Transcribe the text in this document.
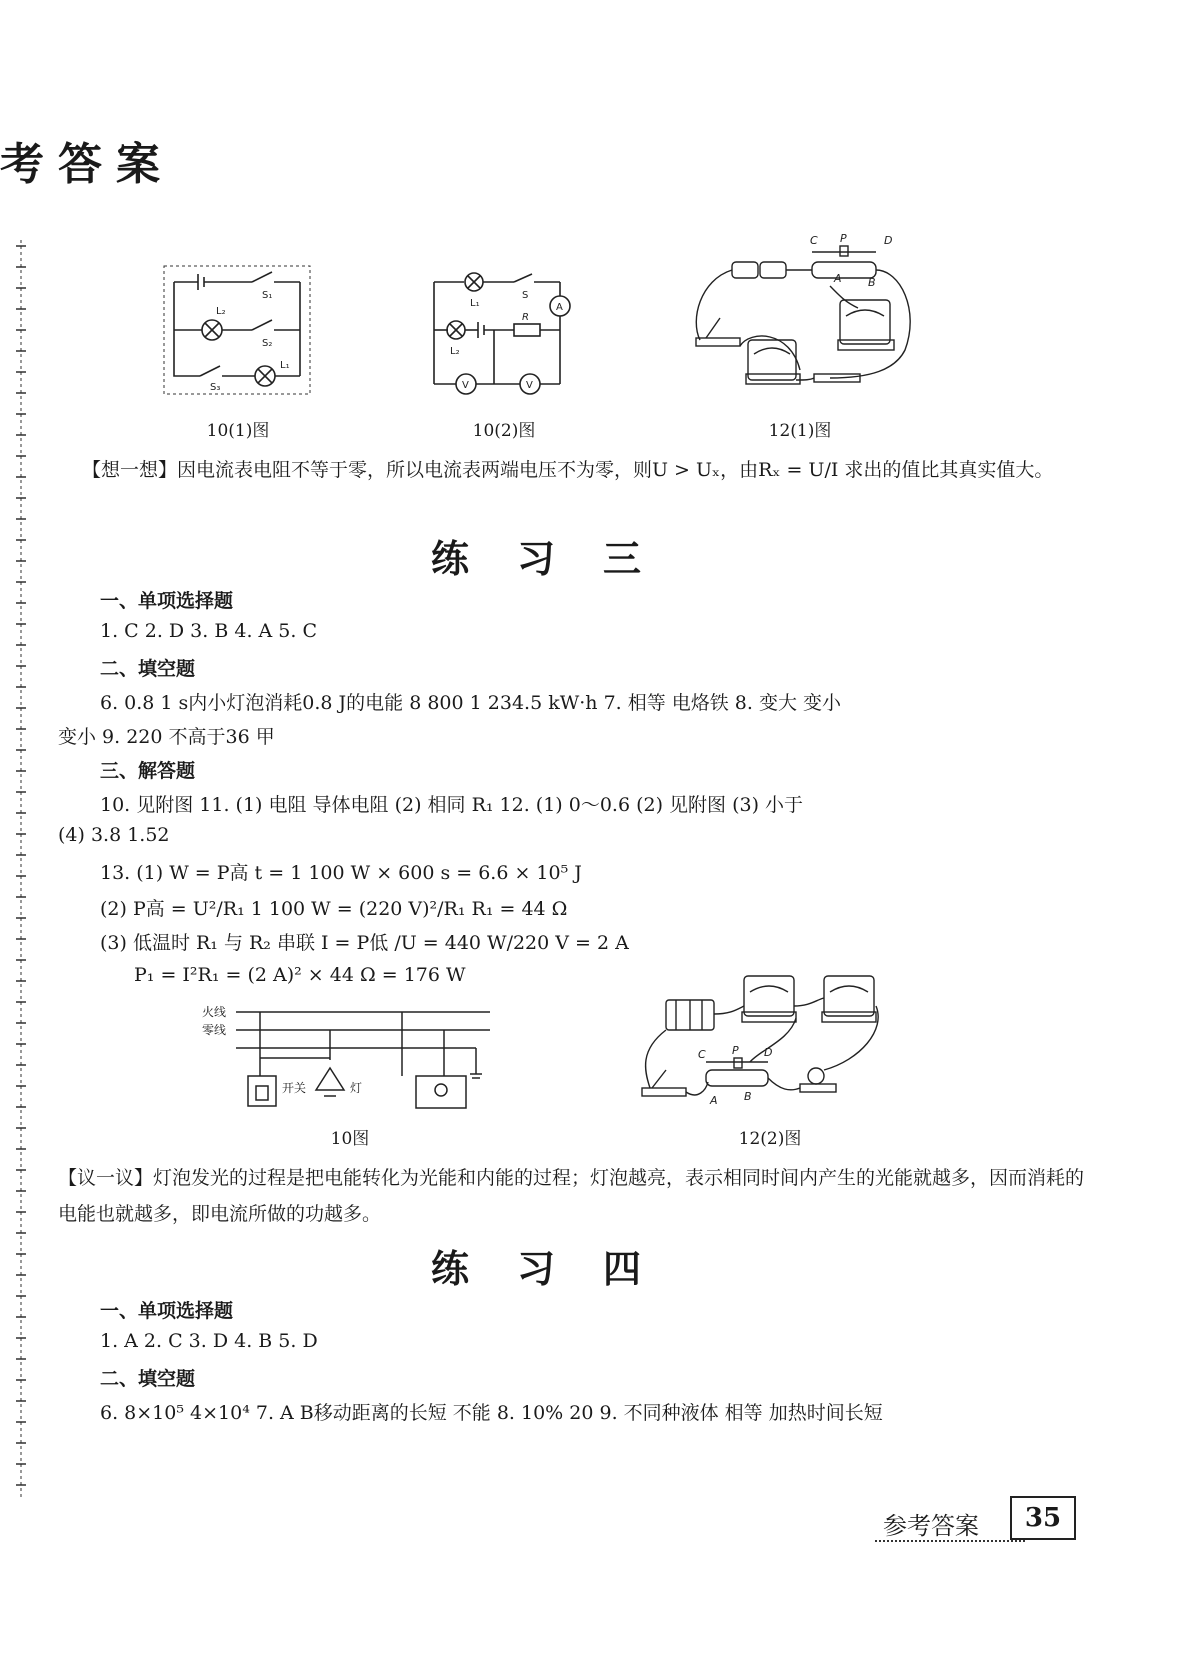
考答案
S₁
L₂
S₂
S₃
L₁
10(1)图
L₁
S
A
L₂
R
V	V
10(2)图
C P	D
A B
12(1)图
【想一想】因电流表电阻不等于零，所以电流表两端电压不为零，则U > Uₓ，由Rₓ = U/I 求出的值比其真实值大。
练习三
一、单项选择题
1. C 2. D 3. B 4. A 5. C
二、填空题
6. 0.8 1 s内小灯泡消耗0.8 J的电能 8 800 1 234.5 kW·h 7. 相等 电烙铁 8. 变大 变小
变小 9. 220 不高于36 甲
三、解答题
10. 见附图 11. (1) 电阻 导体电阻 (2) 相同 R₁ 12. (1) 0～0.6 (2) 见附图 (3) 小于
(4) 3.8 1.52
13. (1) W = P高 t = 1 100 W × 600 s = 6.6 × 10⁵ J
(2) P高 = U²/R₁ 1 100 W = (220 V)²/R₁ R₁ = 44 Ω
(3) 低温时 R₁ 与 R₂ 串联 I = P低 /U = 440 W/220 V = 2 A
P₁ = I²R₁ = (2 A)² × 44 Ω = 176 W
火线
零线
开关	灯
10图
C P D
A B
12(2)图
【议一议】灯泡发光的过程是把电能转化为光能和内能的过程；灯泡越亮，表示相同时间内产生的光能就越多，因而消耗的电能也就越多，即电流所做的功越多。
练习四
一、单项选择题
1. A 2. C 3. D 4. B 5. D
二、填空题
6. 8×10⁵ 4×10⁴ 7. A B移动距离的长短 不能 8. 10% 20 9. 不同种液体 相等 加热时间长短
参考答案	35
